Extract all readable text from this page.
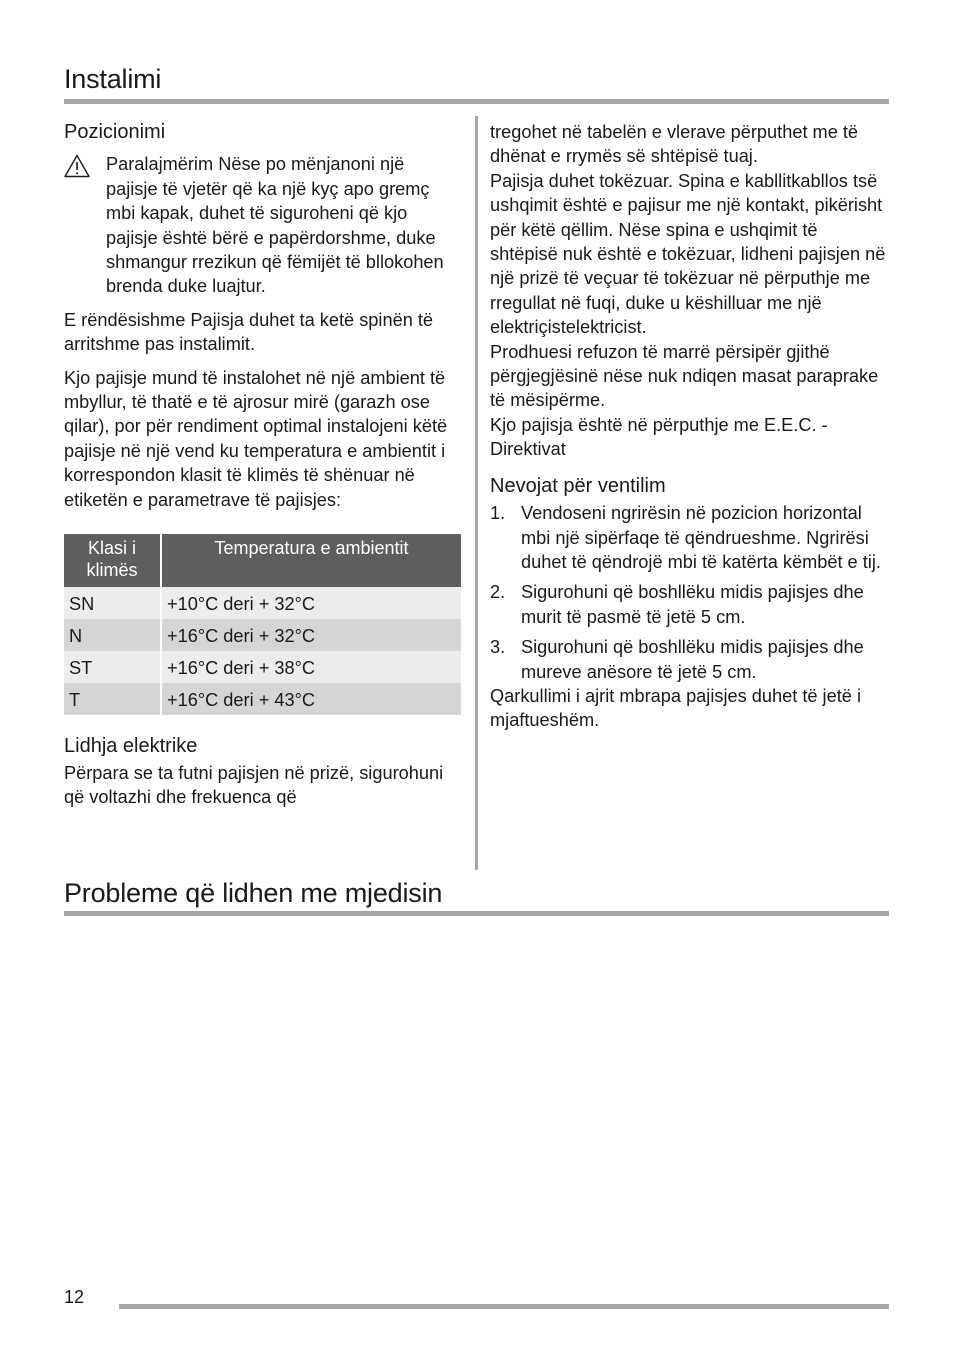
Instalimi
Pozicionimi

Paralajmërim Nëse po mënjanoni një pajisje të vjetër që ka një kyç apo gremç mbi kapak, duhet të siguroheni që kjo pajisje është bërë e papërdorshme, duke shmangur rrezikun që fëmijët të bllokohen brenda duke luajtur.

E rëndësishme Pajisja duhet ta ketë spinën të arritshme pas instalimit.

Kjo pajisje mund të instalohet në një ambient të mbyllur, të thatë e të ajrosur mirë (garazh ose qilar), por për rendiment optimal instalojeni këtë pajisje në një vend ku temperatura e ambientit i korrespondon klasit të klimës të shënuar në etiketën e parametrave të pajisjes:

Klasi i klimës	Temperatura e ambientit
SN	+10°C deri + 32°C
N	+16°C deri + 32°C
ST	+16°C deri + 38°C
T	+16°C deri + 43°C
Lidhja elektrike

Përpara se ta futni pajisjen në prizë, sigurohuni që voltazhi dhe frekuenca që

tregohet në tabelën e vlerave përputhet me të dhënat e rrymës së shtëpisë tuaj.

Pajisja duhet tokëzuar. Spina e kabllitkabllos tsë ushqimit është e pajisur me një kontakt, pikërisht për këtë qëllim. Nëse spina e ushqimit të shtëpisë nuk është e tokëzuar, lidheni pajisjen në një prizë të veçuar të tokëzuar në përputhje me rregullat në fuqi, duke u këshilluar me një elektriçistelektricist.

Prodhuesi refuzon të marrë përsipër gjithë përgjegjësinë nëse nuk ndiqen masat paraprake të mësipërme.

Kjo pajisja është në përputhje me E.E.C. - Direktivat

Nevojat për ventilim
1. Vendoseni ngrirësin në pozicion horizontal mbi një sipërfaqe të qëndrueshme. Ngrirësi duhet të qëndrojë mbi të katërta këmbët e tij.
2. Sigurohuni që boshllëku midis pajisjes dhe murit të pasmë të jetë 5 cm.
3. Sigurohuni që boshllëku midis pajisjes dhe mureve anësore të jetë 5 cm.

Qarkullimi i ajrit mbrapa pajisjes duhet të jetë i mjaftueshëm.

Probleme që lidhen me mjedisin
12
